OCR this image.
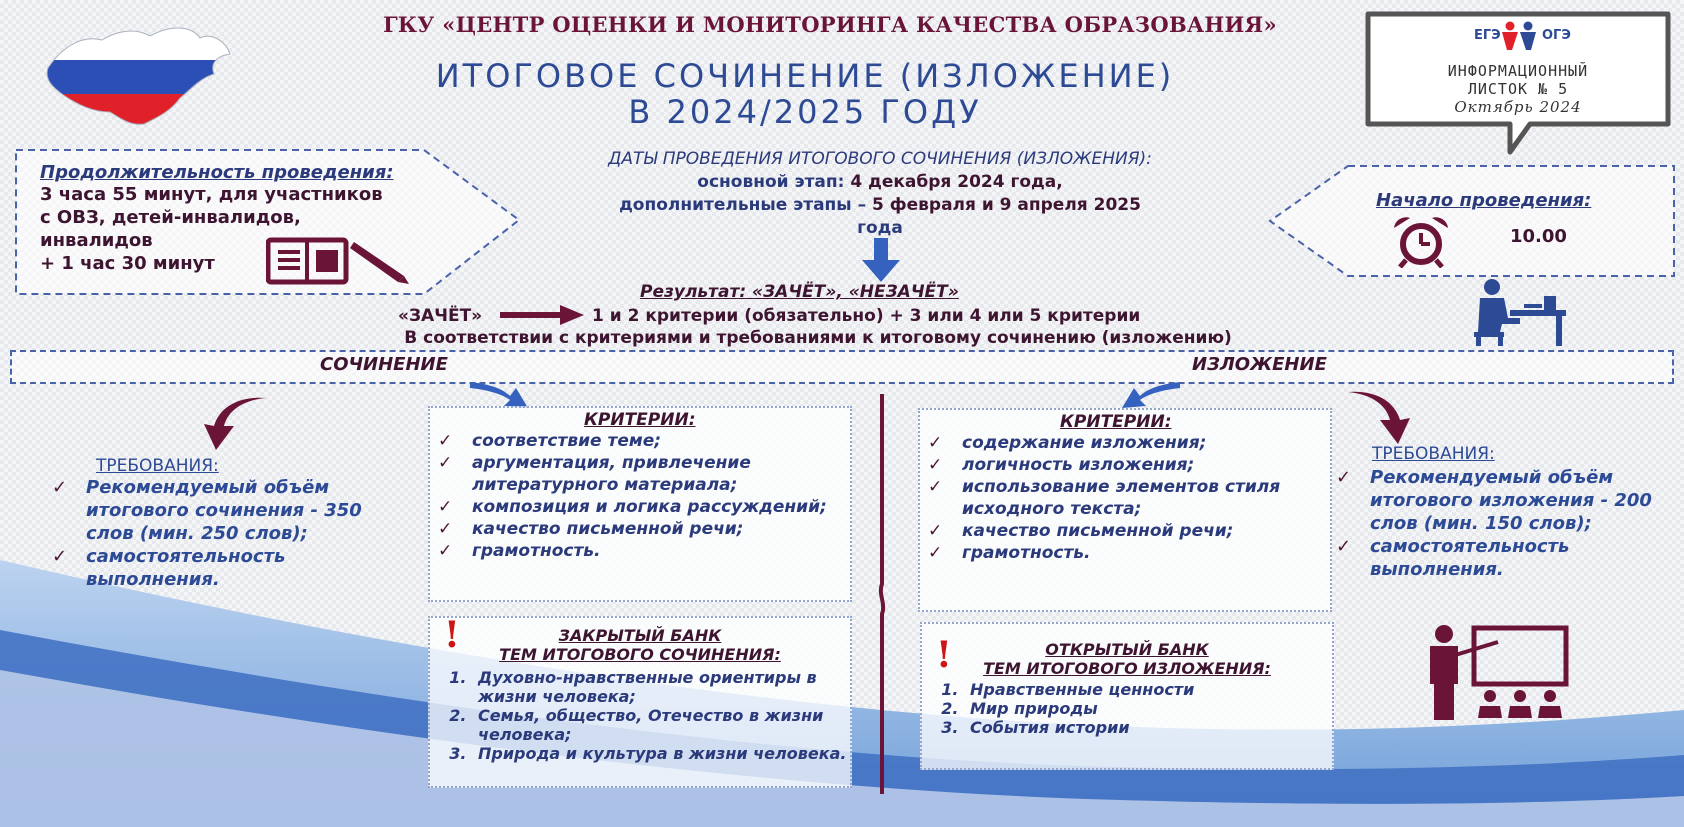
ГКУ «ЦЕНТР ОЦЕНКИ И МОНИТОРИНГА КАЧЕСТВА ОБРАЗОВАНИЯ»
ИТОГОВОЕ СОЧИНЕНИЕ (ИЗЛОЖЕНИЕ)
В 2024/2025 ГОДУ
ЕГЭ	ОГЭ
ИНФОРМАЦИОННЫЙ
ЛИСТОК № 5
Октябрь 2024
Продолжительность проведения:
3 часа 55 минут, для участников
с ОВЗ, детей-инвалидов,
инвалидов
+ 1 час 30 минут
ДАТЫ ПРОВЕДЕНИЯ ИТОГОВОГО СОЧИНЕНИЯ (ИЗЛОЖЕНИЯ):
основной этап: 4 декабря 2024 года,
дополнительные этапы – 5 февраля и 9 апреля 2025
года
Начало проведения:
10.00
Результат: «ЗАЧЁТ», «НЕЗАЧЁТ»
«ЗАЧЁТ»	1 и 2 критерии (обязательно) + 3 или 4 или 5 критерии
В соответствии с критериями и требованиями к итоговому сочинению (изложению)
СОЧИНЕНИЕ	ИЗЛОЖЕНИЕ
ТРЕБОВАНИЯ:
✓ Рекомендуемый объём итогового сочинения - 350 слов (мин. 250 слов);
✓ самостоятельность выполнения.
КРИТЕРИИ:
✓ соответствие теме;
✓ аргументация, привлечение литературного материала;
✓ композиция и логика рассуждений;
✓ качество письменной речи;
✓ грамотность.
!	ЗАКРЫТЫЙ БАНК
ТЕМ ИТОГОВОГО СОЧИНЕНИЯ:
1. Духовно-нравственные ориентиры в жизни человека;
2. Семья, общество, Отечество в жизни человека;
3. Природа и культура в жизни человека.
КРИТЕРИИ:
✓ содержание изложения;
✓ логичность изложения;
✓ использование элементов стиля исходного текста;
✓ качество письменной речи;
✓ грамотность.
!	ОТКРЫТЫЙ БАНК
ТЕМ ИТОГОВОГО ИЗЛОЖЕНИЯ:
1. Нравственные ценности
2. Мир природы
3. События истории
ТРЕБОВАНИЯ:
✓ Рекомендуемый объём итогового изложения - 200 слов (мин. 150 слов);
✓ самостоятельность выполнения.
